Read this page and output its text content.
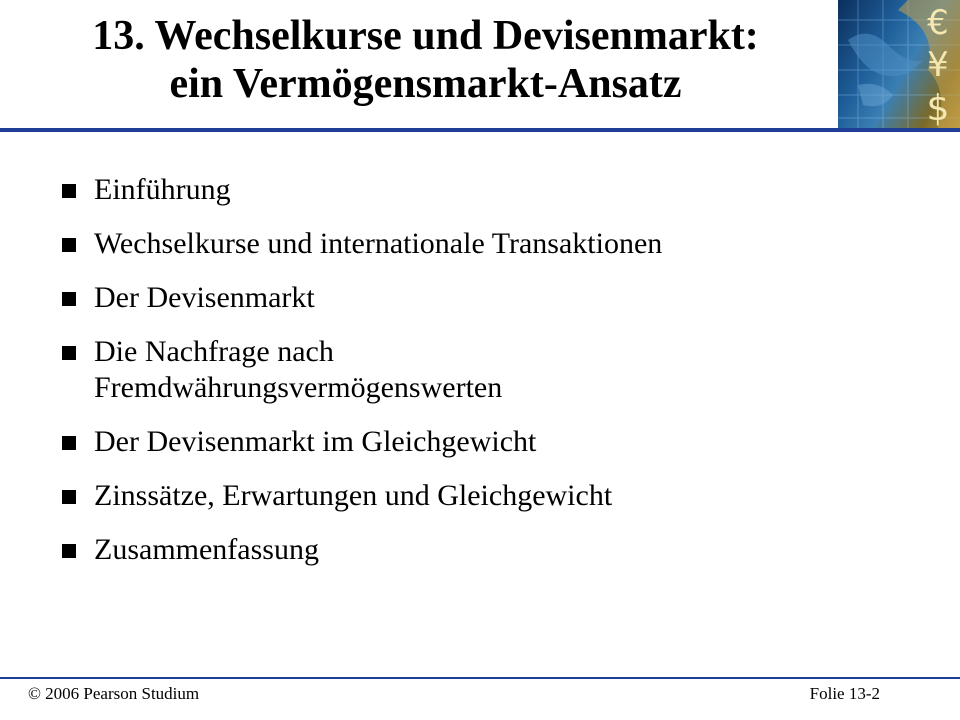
13. Wechselkurse und Devisenmarkt:
ein Vermögensmarkt-Ansatz
€
¥
$
Einführung
Wechselkurse und internationale Transaktionen
Der Devisenmarkt
Die Nachfrage nach Fremdwährungsvermögenswerten
Der Devisenmarkt im Gleichgewicht
Zinssätze, Erwartungen und Gleichgewicht
Zusammenfassung
© 2006 Pearson Studium	Folie 13-2
